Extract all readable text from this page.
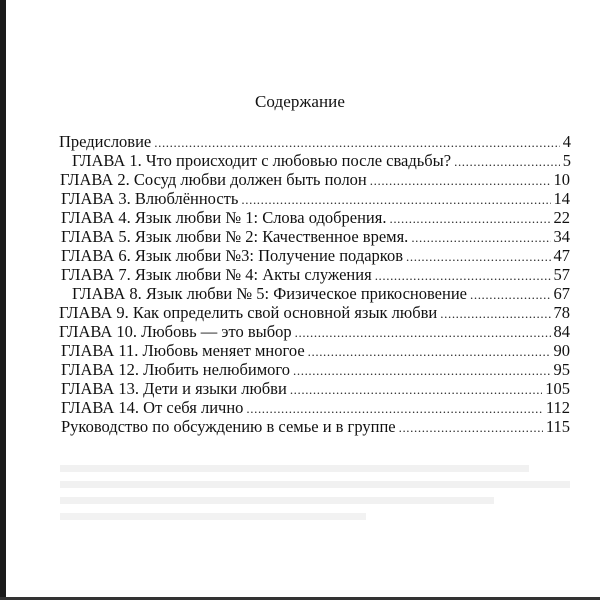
Содержание
Предисловие .....	4
ГЛАВА 1. Что происходит с любовью после свадьбы? .....	5
ГЛАВА 2. Сосуд любви должен быть полон .....	10
ГЛАВА 3. Влюблённость .....	14
ГЛАВА 4. Язык любви № 1: Слова одобрения. .....	22
ГЛАВА 5. Язык любви № 2: Качественное время. .....	34
ГЛАВА 6. Язык любви №3: Получение подарков .....	47
ГЛАВА 7. Язык любви № 4: Акты служения .....	57
ГЛАВА 8. Язык любви № 5: Физическое прикосновение .....	67
ГЛАВА 9. Как определить свой основной язык любви .....	78
ГЛАВА 10. Любовь — это выбор .....	84
ГЛАВА 11. Любовь меняет многое .....	90
ГЛАВА 12. Любить нелюбимого .....	95
ГЛАВА 13. Дети и языки любви .....	105
ГЛАВА 14. От себя лично .....	112
Руководство по обсуждению в семье и в группе .....	115
